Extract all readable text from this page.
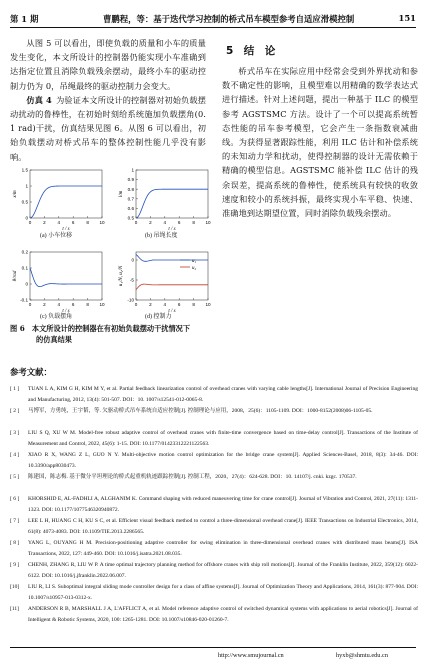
第 1 期	曹鹏程，等：基于迭代学习控制的桥式吊车模型参考自适应滑模控制	151

从图 5 可以看出，即使负载的质量和小车的质量发生变化，本文所设计的控制器仍能实现小车准确到达指定位置且消除负载残余摆动，最终小车的驱动控制力仍为 0，吊绳最终的驱动控制力会变大。

仿真 4  为验证本文所设计的控制器对初始负载摆动扰动的鲁棒性，在初始时刻给系统施加负载摆角(0. 1 rad)干扰，仿真结果见图 6。从图 6 可以看出，初始负载摆动对桥式吊车的整体控制性能几乎没有影响。

5　结　论

桥式吊车在实际应用中经常会受到外界扰动和参数不确定性的影响，且模型难以用精确的数学表达式进行描述。针对上述问题，提出一种基于 ILC 的模型参考 AGSTSMC 方法。设计了一个可以提高系统暂态性能的吊车参考模型，它会产生一条指数衰减曲线。为获得显著跟踪性能，利用 ILC 估计和补偿系统的未知动力学和扰动，使得控制器的设计无需依赖于精确的模型信息。AGSTSMC 能补偿 ILC 估计的残余误差，提高系统的鲁棒性，使系统具有较快的收敛速度和较小的系统抖振，最终实现小车平稳、快速、准确地到达期望位置，同时消除负载残余摆动。

0	2	4	6	8 10
0
0.5
1
1.5
t / s
x/m
0	2	4	6	8 10
0.5
0.6
0.7
0.8
0.9
1
t / s
l/m
0	2	4	6	8 10
-0.1
0
0.1
0.2
t / s
θ/rad
0	2	4	6	8 10
-10
-5
0
t / s
u₁/N, u₂/N
u₁
u₂
(a) 小车位移	(b) 吊绳长度
(c) 负载摆角	(d) 控制力
图 6　本文所设计的控制器在有初始负载摆动干扰情况下
的仿真结果
参考文献：
[ 1 ]	TUAN L A, KIM G H, KIM M Y, et al. Partial feedback linearization control of overhead cranes with varying cable lengths[J]. International Journal of Precision Engineering and Manufacturing, 2012, 13(4): 501-507. DOI：10. 1007/s12541-012-0065-8.
[ 2 ]	马博军，方勇纯，王宇韬，等. 欠驱动桥式吊车系统自适应控制[J]. 控制理论与应用，2008，25(6)：1105-1109. DOI：1000-8152(2008)06-1105-05.
[ 3 ]	LIU S Q, XU W M. Model-free robust adaptive control of overhead cranes with finite-time convergence based on time-delay control[J]. Transactions of the Institute of Measurement and Control, 2022, 45(6): 1-15. DOI: 10.1177/01423312221122563.
[ 4 ]	XIAO R X, WANG Z L, GUO N Y. Multi-objective motion control optimization for the bridge crane system[J]. Applied Sciences-Basel, 2018, 8(3): 34-46. DOI: 10.3390/app8030473.
[ 5 ]	陈建国，陈志梅. 基于微分平坦理论的桥式起重机轨迹跟踪控制[J]. 控制工程，2020，27(4)：624-628. DOI：10. 14107/j. cnki. kzgc. 170537.
[ 6 ]	KHORSHID E, AL-FADHLI A, ALGHANIM K. Command shaping with reduced maneuvering time for crane control[J]. Journal of Vibration and Control, 2021, 27(11): 1311-1323. DOI: 10.1177/1077546320940872.
[ 7 ]	LEE L H, HUANG C H, KU S C, et al. Efficient visual feedback method to control a three-dimensional overhead crane[J]. IEEE Transactions on Industrial Electronics, 2014, 61(8): 4073-4083. DOI: 10.1109/TIE.2013.2286565.
[ 8 ]	YANG L, OUYANG H M. Precision-positioning adaptive controller for swing elimination in three-dimensional overhead cranes with distributed mass beams[J]. ISA Transactions, 2022, 127: 449-460. DOI: 10.1016/j.isatra.2021.08.035.
[ 9 ]	CHENH, ZHANG R, LIU W P. A time optimal trajectory planning method for offshore cranes with ship roll motions[J]. Journal of the Franklin Institute, 2022, 359(12): 6022-6122. DOI: 10.1016/j.jfranklin.2022.06.007.
[10]	LIU R, LI S. Suboptimal integral sliding mode controller design for a class of affine systems[J]. Journal of Optimization Theory and Applications, 2014, 161(3): 877-904. DOI: 10.1007/s10957-013-0312-x.
[11]	ANDERSON R B, MARSHALL J A, L'AFFLICT A, et al. Model reference adaptive control of switched dynamical systems with applications to aerial robotics[J]. Journal of Intelligent & Robotic Systems, 2020, 100: 1265-1281. DOI: 10.1007/s10846-020-01260-7.
http://www.smujournal.cn	hyxb@shmtu.edu.cn
